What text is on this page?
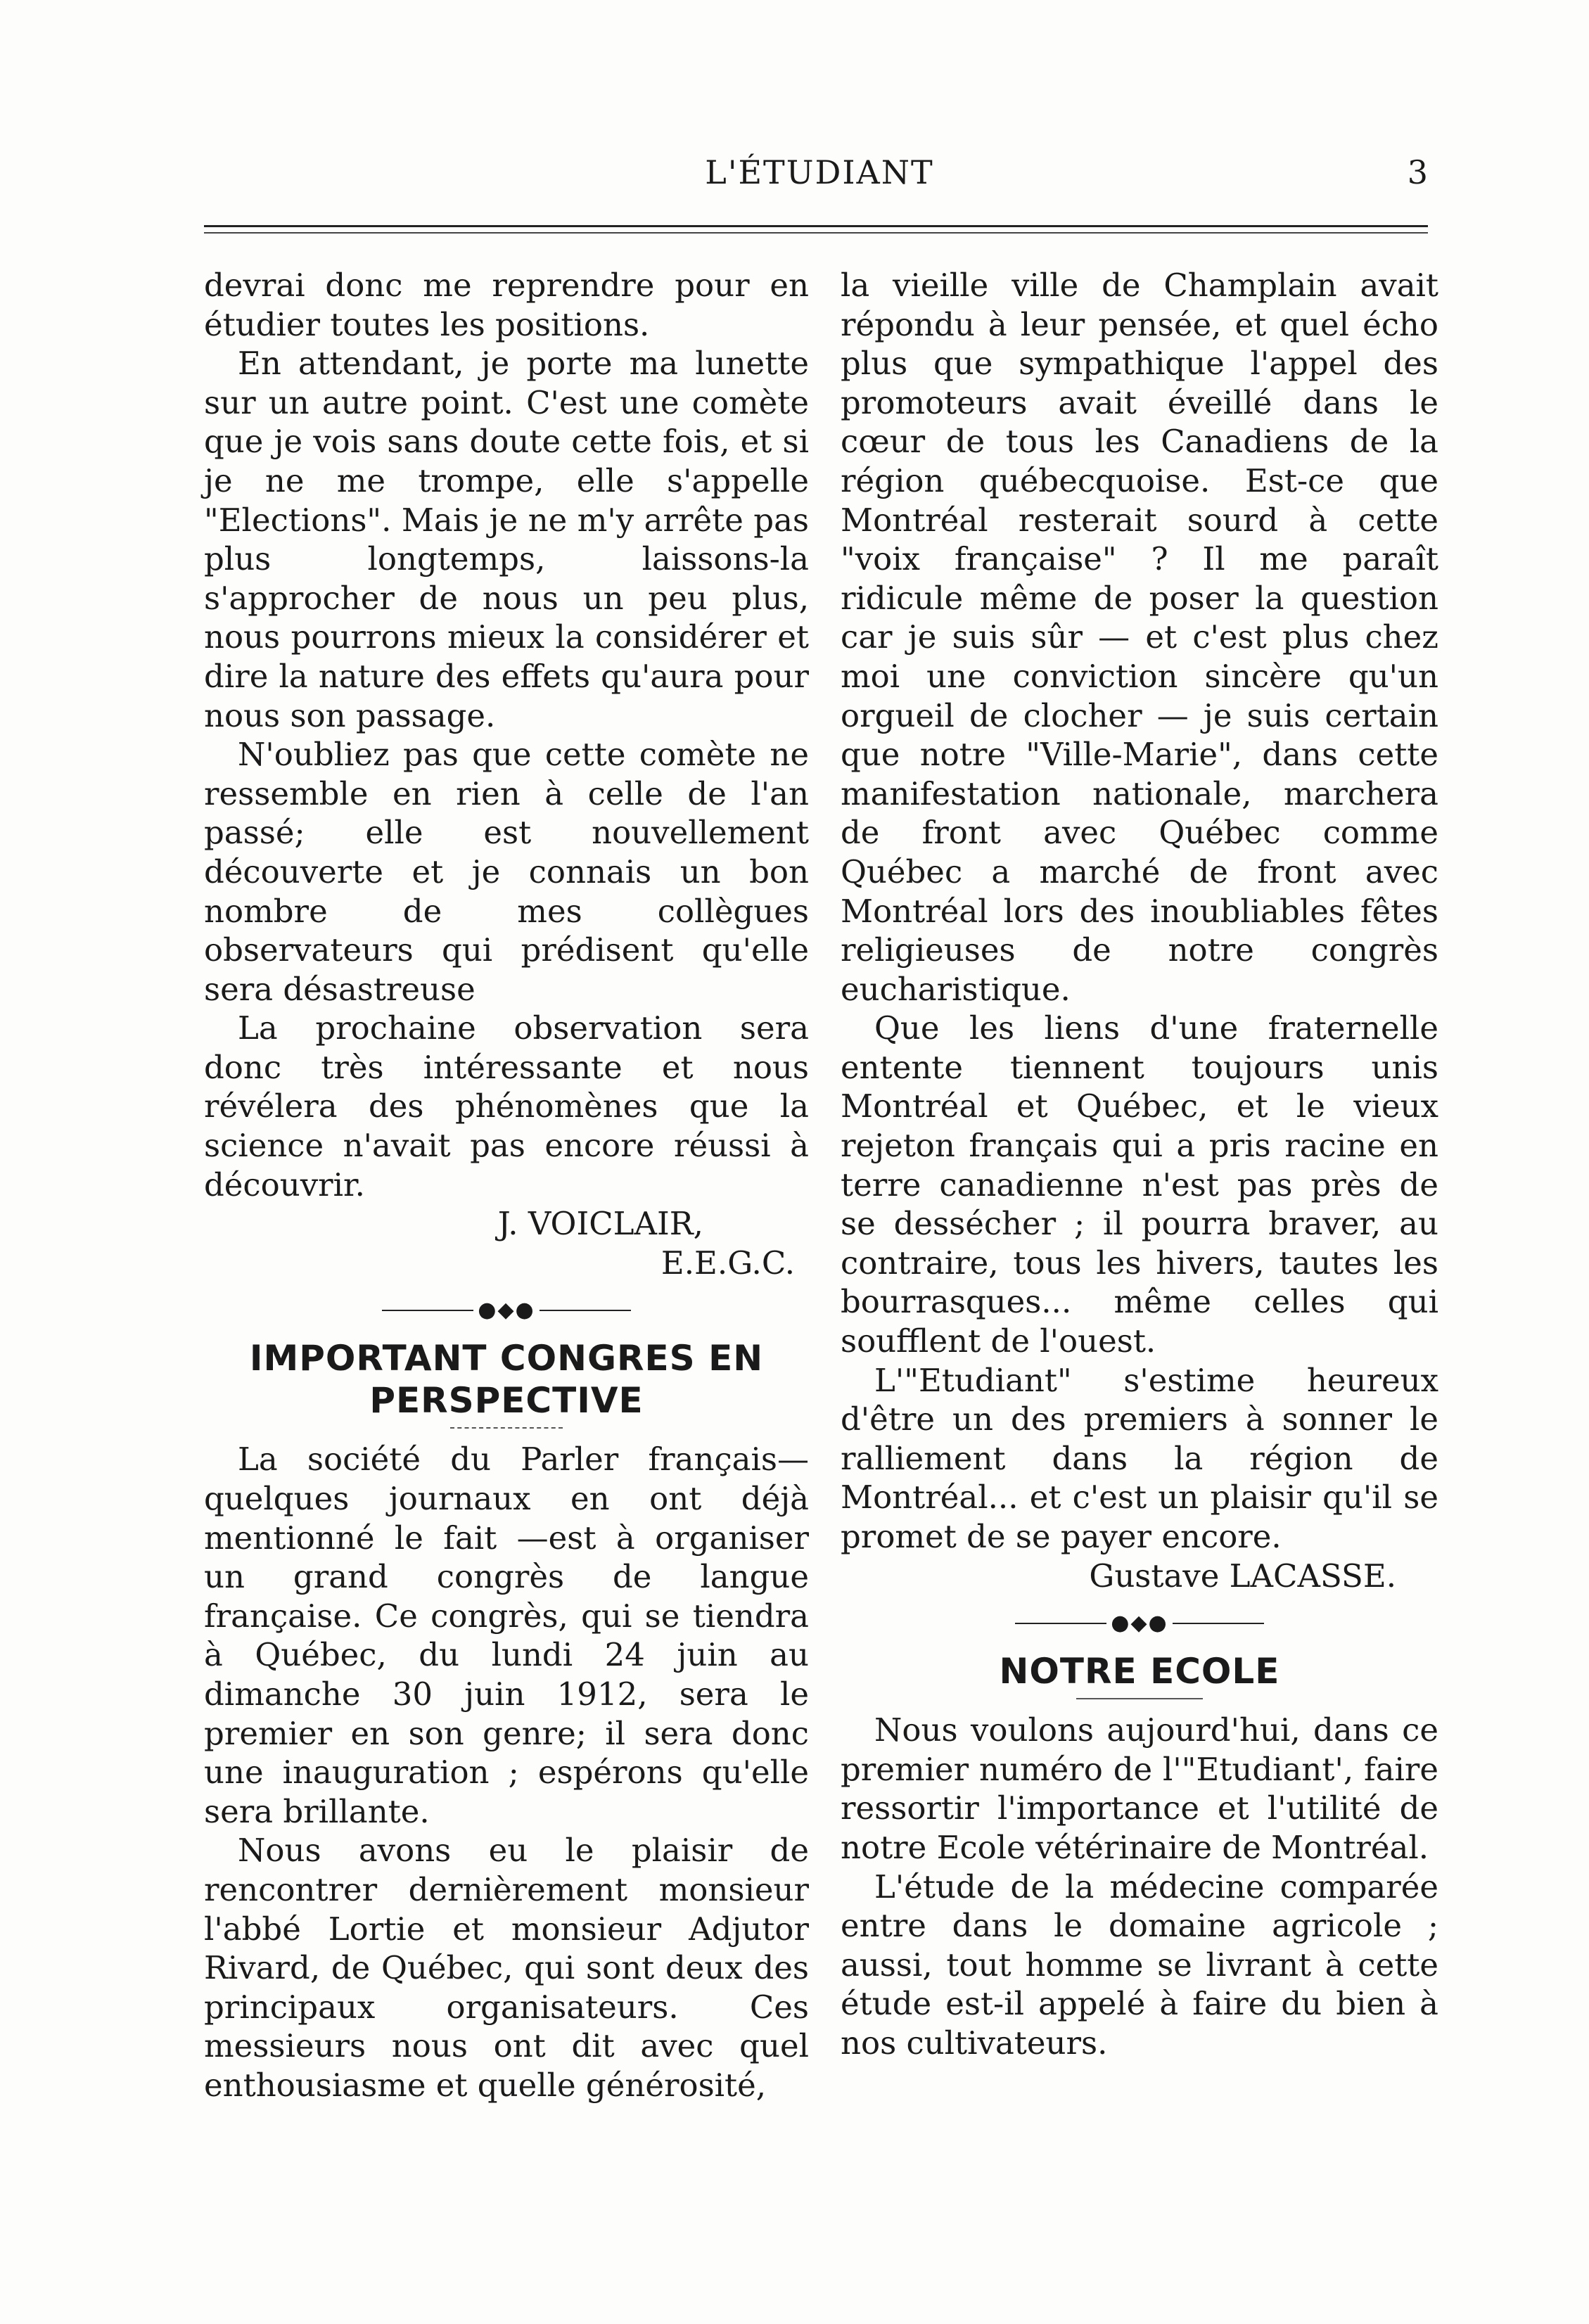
L'ÉTUDIANT	3

devrai donc me reprendre pour en étudier toutes les positions.

En attendant, je porte ma lunette sur un autre point. C'est une comète que je vois sans doute cette fois, et si je ne me trompe, elle s'appelle "Elections". Mais je ne m'y arrête pas plus longtemps, laissons-la s'approcher de nous un peu plus, nous pourrons mieux la considérer et dire la nature des effets qu'aura pour nous son passage.

N'oubliez pas que cette comète ne ressemble en rien à celle de l'an passé; elle est nouvellement découverte et je connais un bon nombre de mes collègues observateurs qui prédisent qu'elle sera désastreuse

La prochaine observation sera donc très intéressante et nous révélera des phénomènes que la science n'avait pas encore réussi à découvrir.

J. VOICLAIR,
E.E.G.C.
●◆●
IMPORTANT CONGRES EN PERSPECTIVE

La société du Parler français— quelques journaux en ont déjà mentionné le fait —est à organiser un grand congrès de langue française. Ce congrès, qui se tiendra à Québec, du lundi 24 juin au dimanche 30 juin 1912, sera le premier en son genre; il sera donc une inauguration ; espérons qu'elle sera brillante.

Nous avons eu le plaisir de rencontrer dernièrement monsieur l'abbé Lortie et monsieur Adjutor Rivard, de Québec, qui sont deux des principaux organisateurs. Ces messieurs nous ont dit avec quel enthousiasme et quelle générosité,

la vieille ville de Champlain avait répondu à leur pensée, et quel écho plus que sympathique l'appel des promoteurs avait éveillé dans le cœur de tous les Canadiens de la région québecquoise. Est-ce que Montréal resterait sourd à cette "voix française" ? Il me paraît ridicule même de poser la question car je suis sûr — et c'est plus chez moi une conviction sincère qu'un orgueil de clocher — je suis certain que notre "Ville-Marie", dans cette manifestation nationale, marchera de front avec Québec comme Québec a marché de front avec Montréal lors des inoubliables fêtes religieuses de notre congrès eucharistique.

Que les liens d'une fraternelle entente tiennent toujours unis Montréal et Québec, et le vieux rejeton français qui a pris racine en terre canadienne n'est pas près de se dessécher ; il pourra braver, au contraire, tous les hivers, tautes les bourrasques... même celles qui soufflent de l'ouest.

L'"Etudiant" s'estime heureux d'être un des premiers à sonner le ralliement dans la région de Montréal... et c'est un plaisir qu'il se promet de se payer encore.

Gustave LACASSE.
●◆●
NOTRE ECOLE

Nous voulons aujourd'hui, dans ce premier numéro de l'"Etudiant', faire ressortir l'importance et l'utilité de notre Ecole vétérinaire de Montréal.

L'étude de la médecine comparée entre dans le domaine agricole ; aussi, tout homme se livrant à cette étude est-il appelé à faire du bien à nos cultivateurs.
